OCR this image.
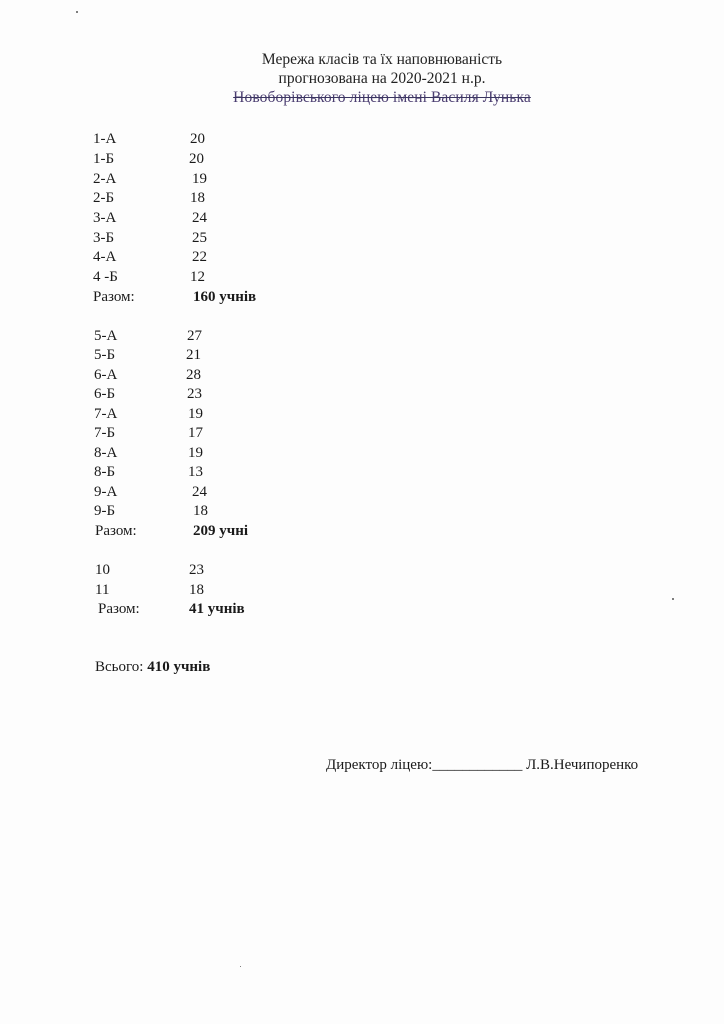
Мережа класів та їх наповнюваність
прогнозована на 2020-2021 н.р.
Новоборівського ліцею імені Василя Лунька
1-А	20
1-Б	20
2-А	19
2-Б	18
3-А	24
3-Б	25
4-А	22
4 -Б	12
Разом:	160 учнів
5-А	27
5-Б	21
6-А	28
6-Б	23
7-А	19
7-Б	17
8-А	19
8-Б	13
9-А	24
9-Б	18
Разом:	209 учні
10	23
11	18
Разом:	41 учнів
Всього: 410 учнів
Директор ліцею:____________ Л.В.Нечипоренко
